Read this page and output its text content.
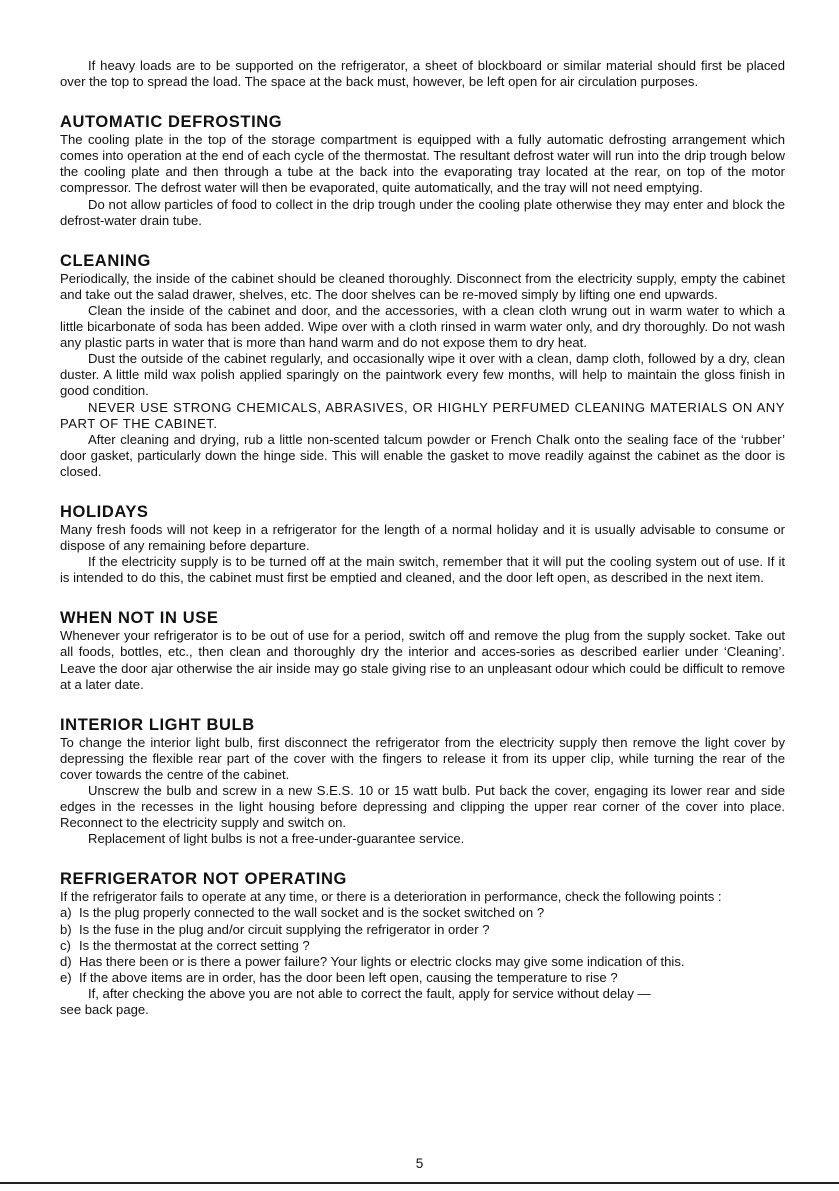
If heavy loads are to be supported on the refrigerator, a sheet of blockboard or similar material should first be placed over the top to spread the load. The space at the back must, however, be left open for air circulation purposes.

AUTOMATIC DEFROSTING

The cooling plate in the top of the storage compartment is equipped with a fully automatic defrosting arrangement which comes into operation at the end of each cycle of the thermostat. The resultant defrost water will run into the drip trough below the cooling plate and then through a tube at the back into the evaporating tray located at the rear, on top of the motor compressor. The defrost water will then be evaporated, quite automatically, and the tray will not need emptying.

Do not allow particles of food to collect in the drip trough under the cooling plate otherwise they may enter and block the defrost-water drain tube.

CLEANING

Periodically, the inside of the cabinet should be cleaned thoroughly. Disconnect from the electricity supply, empty the cabinet and take out the salad drawer, shelves, etc. The door shelves can be re-moved simply by lifting one end upwards.

Clean the inside of the cabinet and door, and the accessories, with a clean cloth wrung out in warm water to which a little bicarbonate of soda has been added. Wipe over with a cloth rinsed in warm water only, and dry thoroughly. Do not wash any plastic parts in water that is more than hand warm and do not expose them to dry heat.

Dust the outside of the cabinet regularly, and occasionally wipe it over with a clean, damp cloth, followed by a dry, clean duster. A little mild wax polish applied sparingly on the paintwork every few months, will help to maintain the gloss finish in good condition.

NEVER USE STRONG CHEMICALS, ABRASIVES, OR HIGHLY PERFUMED CLEANING MATERIALS ON ANY PART OF THE CABINET.

After cleaning and drying, rub a little non-scented talcum powder or French Chalk onto the sealing face of the ‘rubber’ door gasket, particularly down the hinge side. This will enable the gasket to move readily against the cabinet as the door is closed.

HOLIDAYS

Many fresh foods will not keep in a refrigerator for the length of a normal holiday and it is usually advisable to consume or dispose of any remaining before departure.

If the electricity supply is to be turned off at the main switch, remember that it will put the cooling system out of use. If it is intended to do this, the cabinet must first be emptied and cleaned, and the door left open, as described in the next item.

WHEN NOT IN USE

Whenever your refrigerator is to be out of use for a period, switch off and remove the plug from the supply socket. Take out all foods, bottles, etc., then clean and thoroughly dry the interior and acces-sories as described earlier under ‘Cleaning’. Leave the door ajar otherwise the air inside may go stale giving rise to an unpleasant odour which could be difficult to remove at a later date.

INTERIOR LIGHT BULB

To change the interior light bulb, first disconnect the refrigerator from the electricity supply then remove the light cover by depressing the flexible rear part of the cover with the fingers to release it from its upper clip, while turning the rear of the cover towards the centre of the cabinet.

Unscrew the bulb and screw in a new S.E.S. 10 or 15 watt bulb. Put back the cover, engaging its lower rear and side edges in the recesses in the light housing before depressing and clipping the upper rear corner of the cover into place. Reconnect to the electricity supply and switch on.

Replacement of light bulbs is not a free-under-guarantee service.

REFRIGERATOR NOT OPERATING

If the refrigerator fails to operate at any time, or there is a deterioration in performance, check the following points :

a) Is the plug properly connected to the wall socket and is the socket switched on ?
b) Is the fuse in the plug and/or circuit supplying the refrigerator in order ?
c) Is the thermostat at the correct setting ?
d) Has there been or is there a power failure? Your lights or electric clocks may give some indication of this.
e) If the above items are in order, has the door been left open, causing the temperature to rise ?

If, after checking the above you are not able to correct the fault, apply for service without delay —

see back page.

5
